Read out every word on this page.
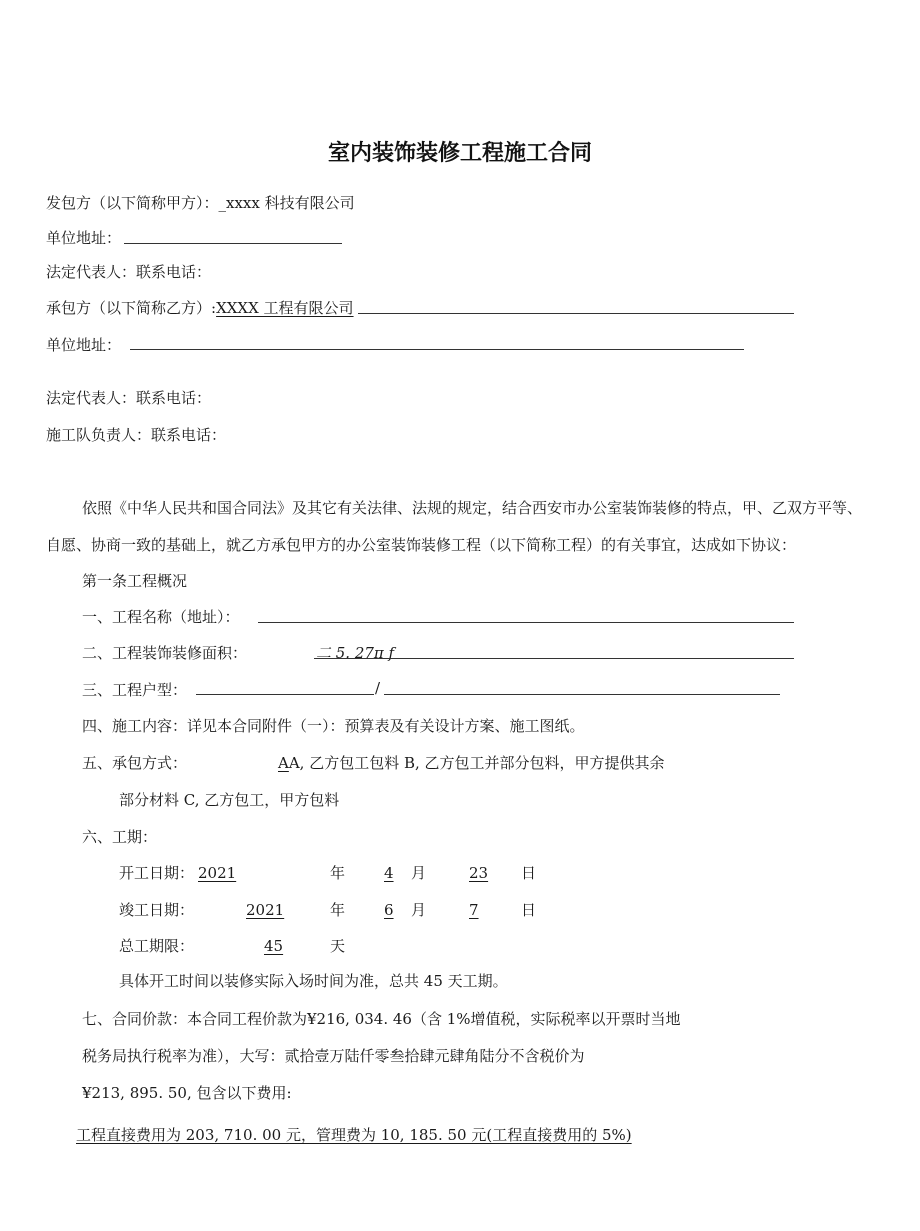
室内装饰装修工程施工合同
发包方（以下简称甲方）：_xxxx 科技有限公司
单位地址：
法定代表人：联系电话：
承包方（以下简称乙方）:XXXX 工程有限公司
单位地址：
法定代表人：联系电话：
施工队负责人：联系电话：
依照《中华人民共和国合同法》及其它有关法律、法规的规定，结合西安市办公室装饰装修的特点，甲、乙双方平等、
自愿、协商一致的基础上，就乙方承包甲方的办公室装饰装修工程（以下简称工程）的有关事宜，达成如下协议：
第一条工程概况
一、工程名称（地址）：
二、工程装饰装修面积：	二 5. 27π f
三、工程户型：	/
四、施工内容：详见本合同附件（一）：预算表及有关设计方案、施工图纸。
五、承包方式：	AA, 乙方包工包料 B, 乙方包工并部分包料，甲方提供其余
部分材料 C, 乙方包工，甲方包料
六、工期：
开工日期： 2021	年	4 月	23 日
竣工日期：	2021	年	6 月	7	日
总工期限：	45	天
具体开工时间以装修实际入场时间为准，总共 45 天工期。
七、合同价款：本合同工程价款为¥216, 034. 46（含 1%增值税，实际税率以开票时当地
税务局执行税率为准），大写：贰拾壹万陆仟零叁拾肆元肆角陆分不含税价为
¥213, 895. 50, 包含以下费用:
工程直接费用为 203, 710. 00 元，管理费为 10, 185. 50 元(工程直接费用的 5%)
